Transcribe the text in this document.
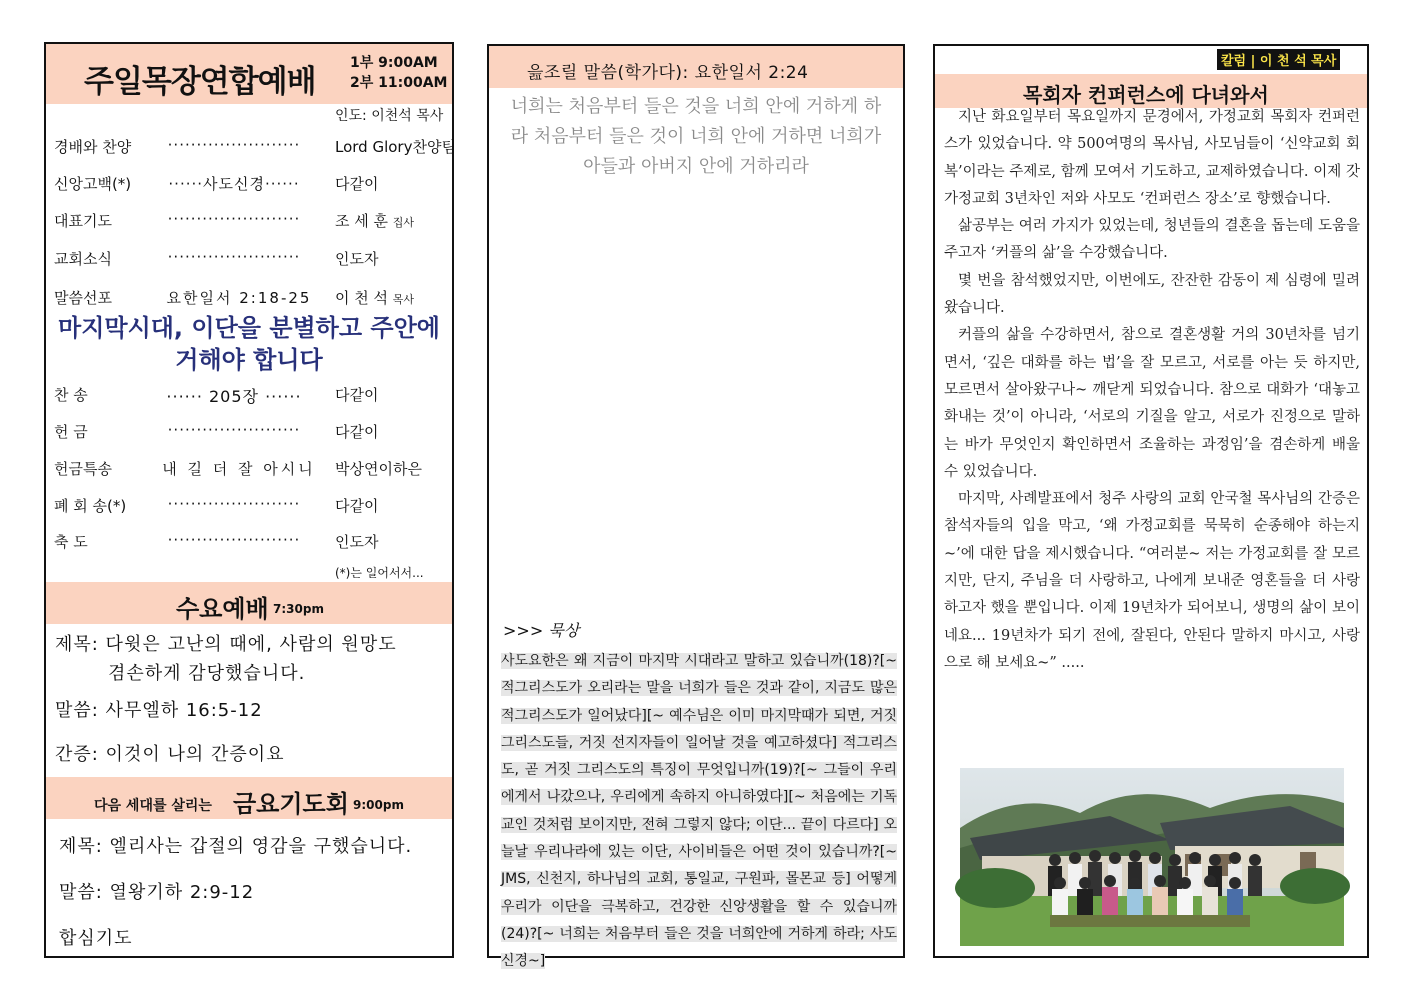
주일목장연합예배
1부 9:00AM
2부 11:00AM
인도: 이천석 목사
경배와 찬양 ······················· Lord Glory찬양팀
신앙고백(*) ······사도신경······ 다같이
대표기도	······················· 조 세 훈 집사
교회소식	······················· 인도자
말씀선포	요한일서 2:18-25	이 천 석 목사
마지막시대, 이단을 분별하고 주안에 거해야 합니다
찬 송	······ 205장 ······ 다같이
헌 금	······················· 다같이
헌금특송	내 길 더 잘 아시니	박상연이하은
폐 회 송(*)	······················· 다같이
축 도	······················· 인도자
(*)는 일어서서...
수요예배 7:30pm
제목: 다윗은 고난의 때에, 사람의 원망도
겸손하게 감당했습니다.
말씀: 사무엘하 16:5-12
간증: 이것이 나의 간증이요
다음 세대를 살리는 금요기도회 9:00pm
제목: 엘리사는 갑절의 영감을 구했습니다.
말씀: 열왕기하 2:9-12
합심기도
읊조릴 말씀(학가다): 요한일서 2:24
너희는 처음부터 들은 것을 너희 안에 거하게 하라 처음부터 들은 것이 너희 안에 거하면 너희가 아들과 아버지 안에 거하리라
>>> 묵상
사도요한은 왜 지금이 마지막 시대라고 말하고 있습니까(18)?[~ 적그리스도가 오리라는 말을 너희가 들은 것과 같이, 지금도 많은 적그리스도가 일어났다][~ 예수님은 이미 마지막때가 되면, 거짓 그리스도들, 거짓 선지자들이 일어날 것을 예고하셨다] 적그리스도, 곧 거짓 그리스도의 특징이 무엇입니까(19)?[~ 그들이 우리에게서 나갔으나, 우리에게 속하지 아니하였다][~ 처음에는 기독교인 것처럼 보이지만, 전혀 그렇지 않다; 이단... 끝이 다르다] 오늘날 우리나라에 있는 이단, 사이비들은 어떤 것이 있습니까?[~ JMS, 신천지, 하나님의 교회, 통일교, 구원파, 몰몬교 등] 어떻게 우리가 이단을 극복하고, 건강한 신앙생활을 할 수 있습니까(24)?[~ 너희는 처음부터 들은 것을 너희안에 거하게 하라; 사도신경~]
칼럼 | 이 천 석 목사
목회자 컨퍼런스에 다녀와서

지난 화요일부터 목요일까지 문경에서, 가정교회 목회자 컨퍼런스가 있었습니다. 약 500여명의 목사님, 사모님들이 ‘신약교회 회복’이라는 주제로, 함께 모여서 기도하고, 교제하였습니다. 이제 갓 가정교회 3년차인 저와 사모도 ‘컨퍼런스 장소’로 향했습니다.

삶공부는 여러 가지가 있었는데, 청년들의 결혼을 돕는데 도움을 주고자 ‘커플의 삶’을 수강했습니다.

몇 번을 참석했었지만, 이번에도, 잔잔한 감동이 제 심령에 밀려왔습니다.

커플의 삶을 수강하면서, 참으로 결혼생활 거의 30년차를 넘기면서, ‘깊은 대화를 하는 법’을 잘 모르고, 서로를 아는 듯 하지만, 모르면서 살아왔구나~ 깨닫게 되었습니다. 참으로 대화가 ‘대놓고 화내는 것’이 아니라, ‘서로의 기질을 알고, 서로가 진정으로 말하는 바가 무엇인지 확인하면서 조율하는 과정임’을 겸손하게 배울 수 있었습니다.

마지막, 사례발표에서 청주 사랑의 교회 안국철 목사님의 간증은 참석자들의 입을 막고, ‘왜 가정교회를 묵묵히 순종해야 하는지~’에 대한 답을 제시했습니다. “여러분~ 저는 가정교회를 잘 모르지만, 단지, 주님을 더 사랑하고, 나에게 보내준 영혼들을 더 사랑하고자 했을 뿐입니다. 이제 19년차가 되어보니, 생명의 삶이 보이네요... 19년차가 되기 전에, 잘된다, 안된다 말하지 마시고, 사랑으로 해 보세요~” .....
